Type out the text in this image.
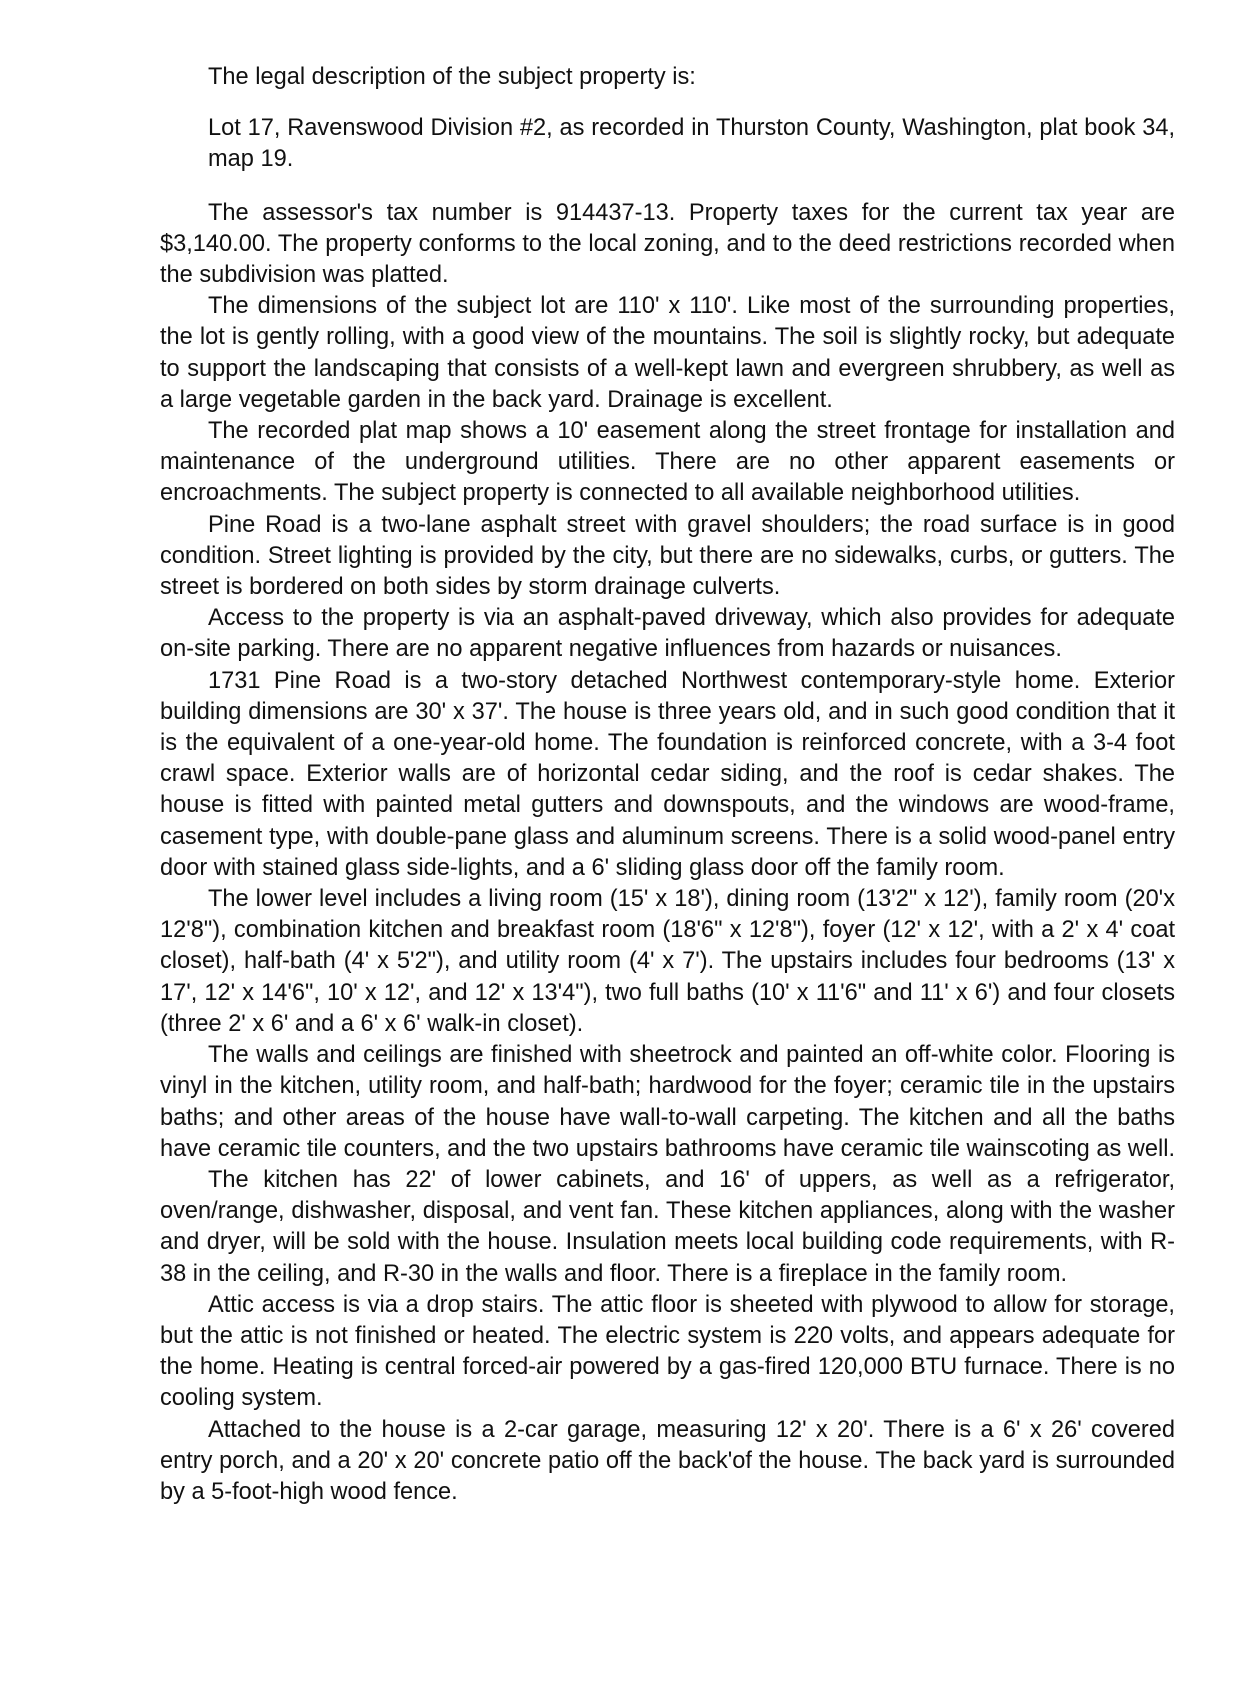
The legal description of the subject property is:

Lot 17, Ravenswood Division #2, as recorded in Thurston County, Washington, plat book 34, map 19.

The assessor's tax number is 914437-13. Property taxes for the current tax year are $3,140.00. The property conforms to the local zoning, and to the deed restrictions recorded when the subdivision was platted.

The dimensions of the subject lot are 110' x 110'. Like most of the surrounding properties, the lot is gently rolling, with a good view of the mountains. The soil is slightly rocky, but adequate to support the landscaping that consists of a well-kept lawn and evergreen shrubbery, as well as a large vegetable garden in the back yard. Drainage is excellent.

The recorded plat map shows a 10' easement along the street frontage for installation and maintenance of the underground utilities. There are no other apparent easements or encroachments. The subject property is connected to all available neighborhood utilities.

Pine Road is a two-lane asphalt street with gravel shoulders; the road surface is in good condition. Street lighting is provided by the city, but there are no sidewalks, curbs, or gutters. The street is bordered on both sides by storm drainage culverts.

Access to the property is via an asphalt-paved driveway, which also provides for adequate on-site parking. There are no apparent negative influences from hazards or nuisances.

1731 Pine Road is a two-story detached Northwest contemporary-style home. Exterior building dimensions are 30' x 37'. The house is three years old, and in such good condition that it is the equivalent of a one-year-old home. The foundation is reinforced concrete, with a 3-4 foot crawl space. Exterior walls are of horizontal cedar siding, and the roof is cedar shakes. The house is fitted with painted metal gutters and downspouts, and the windows are wood-frame, casement type, with double-pane glass and aluminum screens. There is a solid wood-panel entry door with stained glass side-lights, and a 6' sliding glass door off the family room.

The lower level includes a living room (15' x 18'), dining room (13'2" x 12'), family room (20'x 12'8"), combination kitchen and breakfast room (18'6" x 12'8"), foyer (12' x 12', with a 2' x 4' coat closet), half-bath (4' x 5'2"), and utility room (4' x 7'). The upstairs includes four bedrooms (13' x 17', 12' x 14'6", 10' x 12', and 12' x 13'4"), two full baths (10' x 11'6" and 11' x 6') and four closets (three 2' x 6' and a 6' x 6' walk-in closet).

The walls and ceilings are finished with sheetrock and painted an off-white color. Flooring is vinyl in the kitchen, utility room, and half-bath; hardwood for the foyer; ceramic tile in the upstairs baths; and other areas of the house have wall-to-wall carpeting. The kitchen and all the baths have ceramic tile counters, and the two upstairs bathrooms have ceramic tile wainscoting as well.

The kitchen has 22' of lower cabinets, and 16' of uppers, as well as a refrigerator, oven/range, dishwasher, disposal, and vent fan. These kitchen appliances, along with the washer and dryer, will be sold with the house. Insulation meets local building code requirements, with R-38 in the ceiling, and R-30 in the walls and floor. There is a fireplace in the family room.

Attic access is via a drop stairs. The attic floor is sheeted with plywood to allow for storage, but the attic is not finished or heated. The electric system is 220 volts, and appears adequate for the home. Heating is central forced-air powered by a gas-fired 120,000 BTU furnace. There is no cooling system.

Attached to the house is a 2-car garage, measuring 12' x 20'. There is a 6' x 26' covered entry porch, and a 20' x 20' concrete patio off the back'of the house. The back yard is surrounded by a 5-foot-high wood fence.
